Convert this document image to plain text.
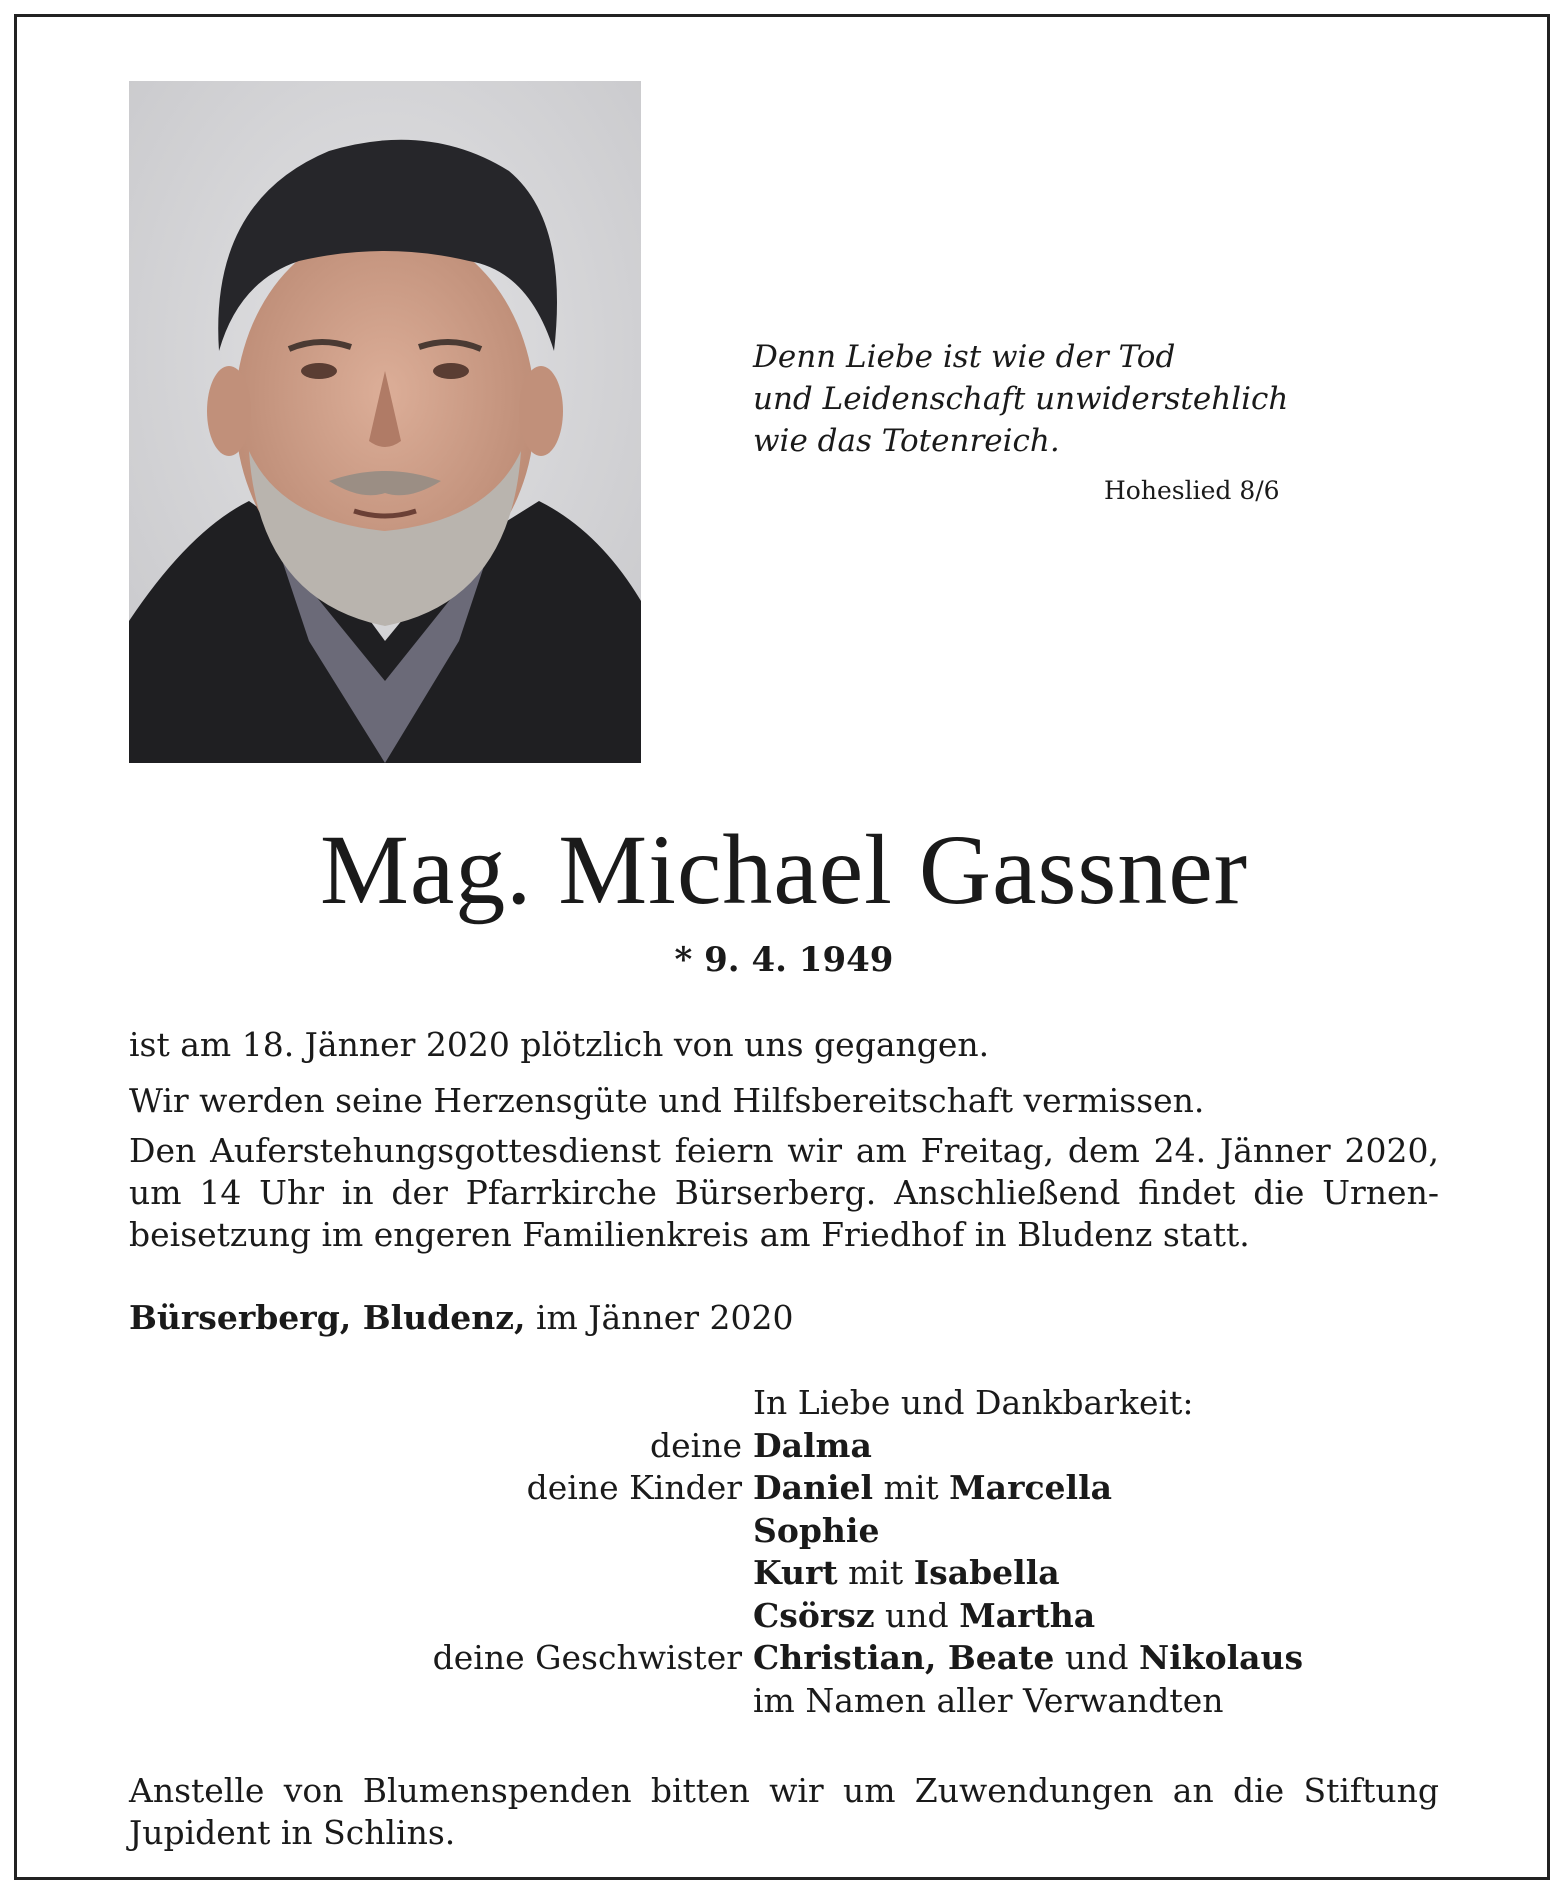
Denn Liebe ist wie der Tod
und Leidenschaft unwiderstehlich
wie das Totenreich.
Hoheslied 8/6
Mag. Michael Gassner
* 9. 4. 1949
ist am 18. Jänner 2020 plötzlich von uns gegangen.
Wir werden seine Herzensgüte und Hilfsbereitschaft vermissen.
Den Auferstehungsgottesdienst feiern wir am Freitag, dem 24. Jänner 2020,
um 14 Uhr in der Pfarrkirche Bürserberg. Anschließend findet die Urnen-
beisetzung im engeren Familienkreis am Friedhof in Bludenz statt.
Bürserberg, Bludenz, im Jänner 2020
In Liebe und Dankbarkeit:
deine Dalma
deine Kinder Daniel mit Marcella
Sophie
Kurt mit Isabella
Csörsz und Martha
deine Geschwister Christian, Beate und Nikolaus
im Namen aller Verwandten
Anstelle von Blumenspenden bitten wir um Zuwendungen an die Stiftung
Jupident in Schlins.
